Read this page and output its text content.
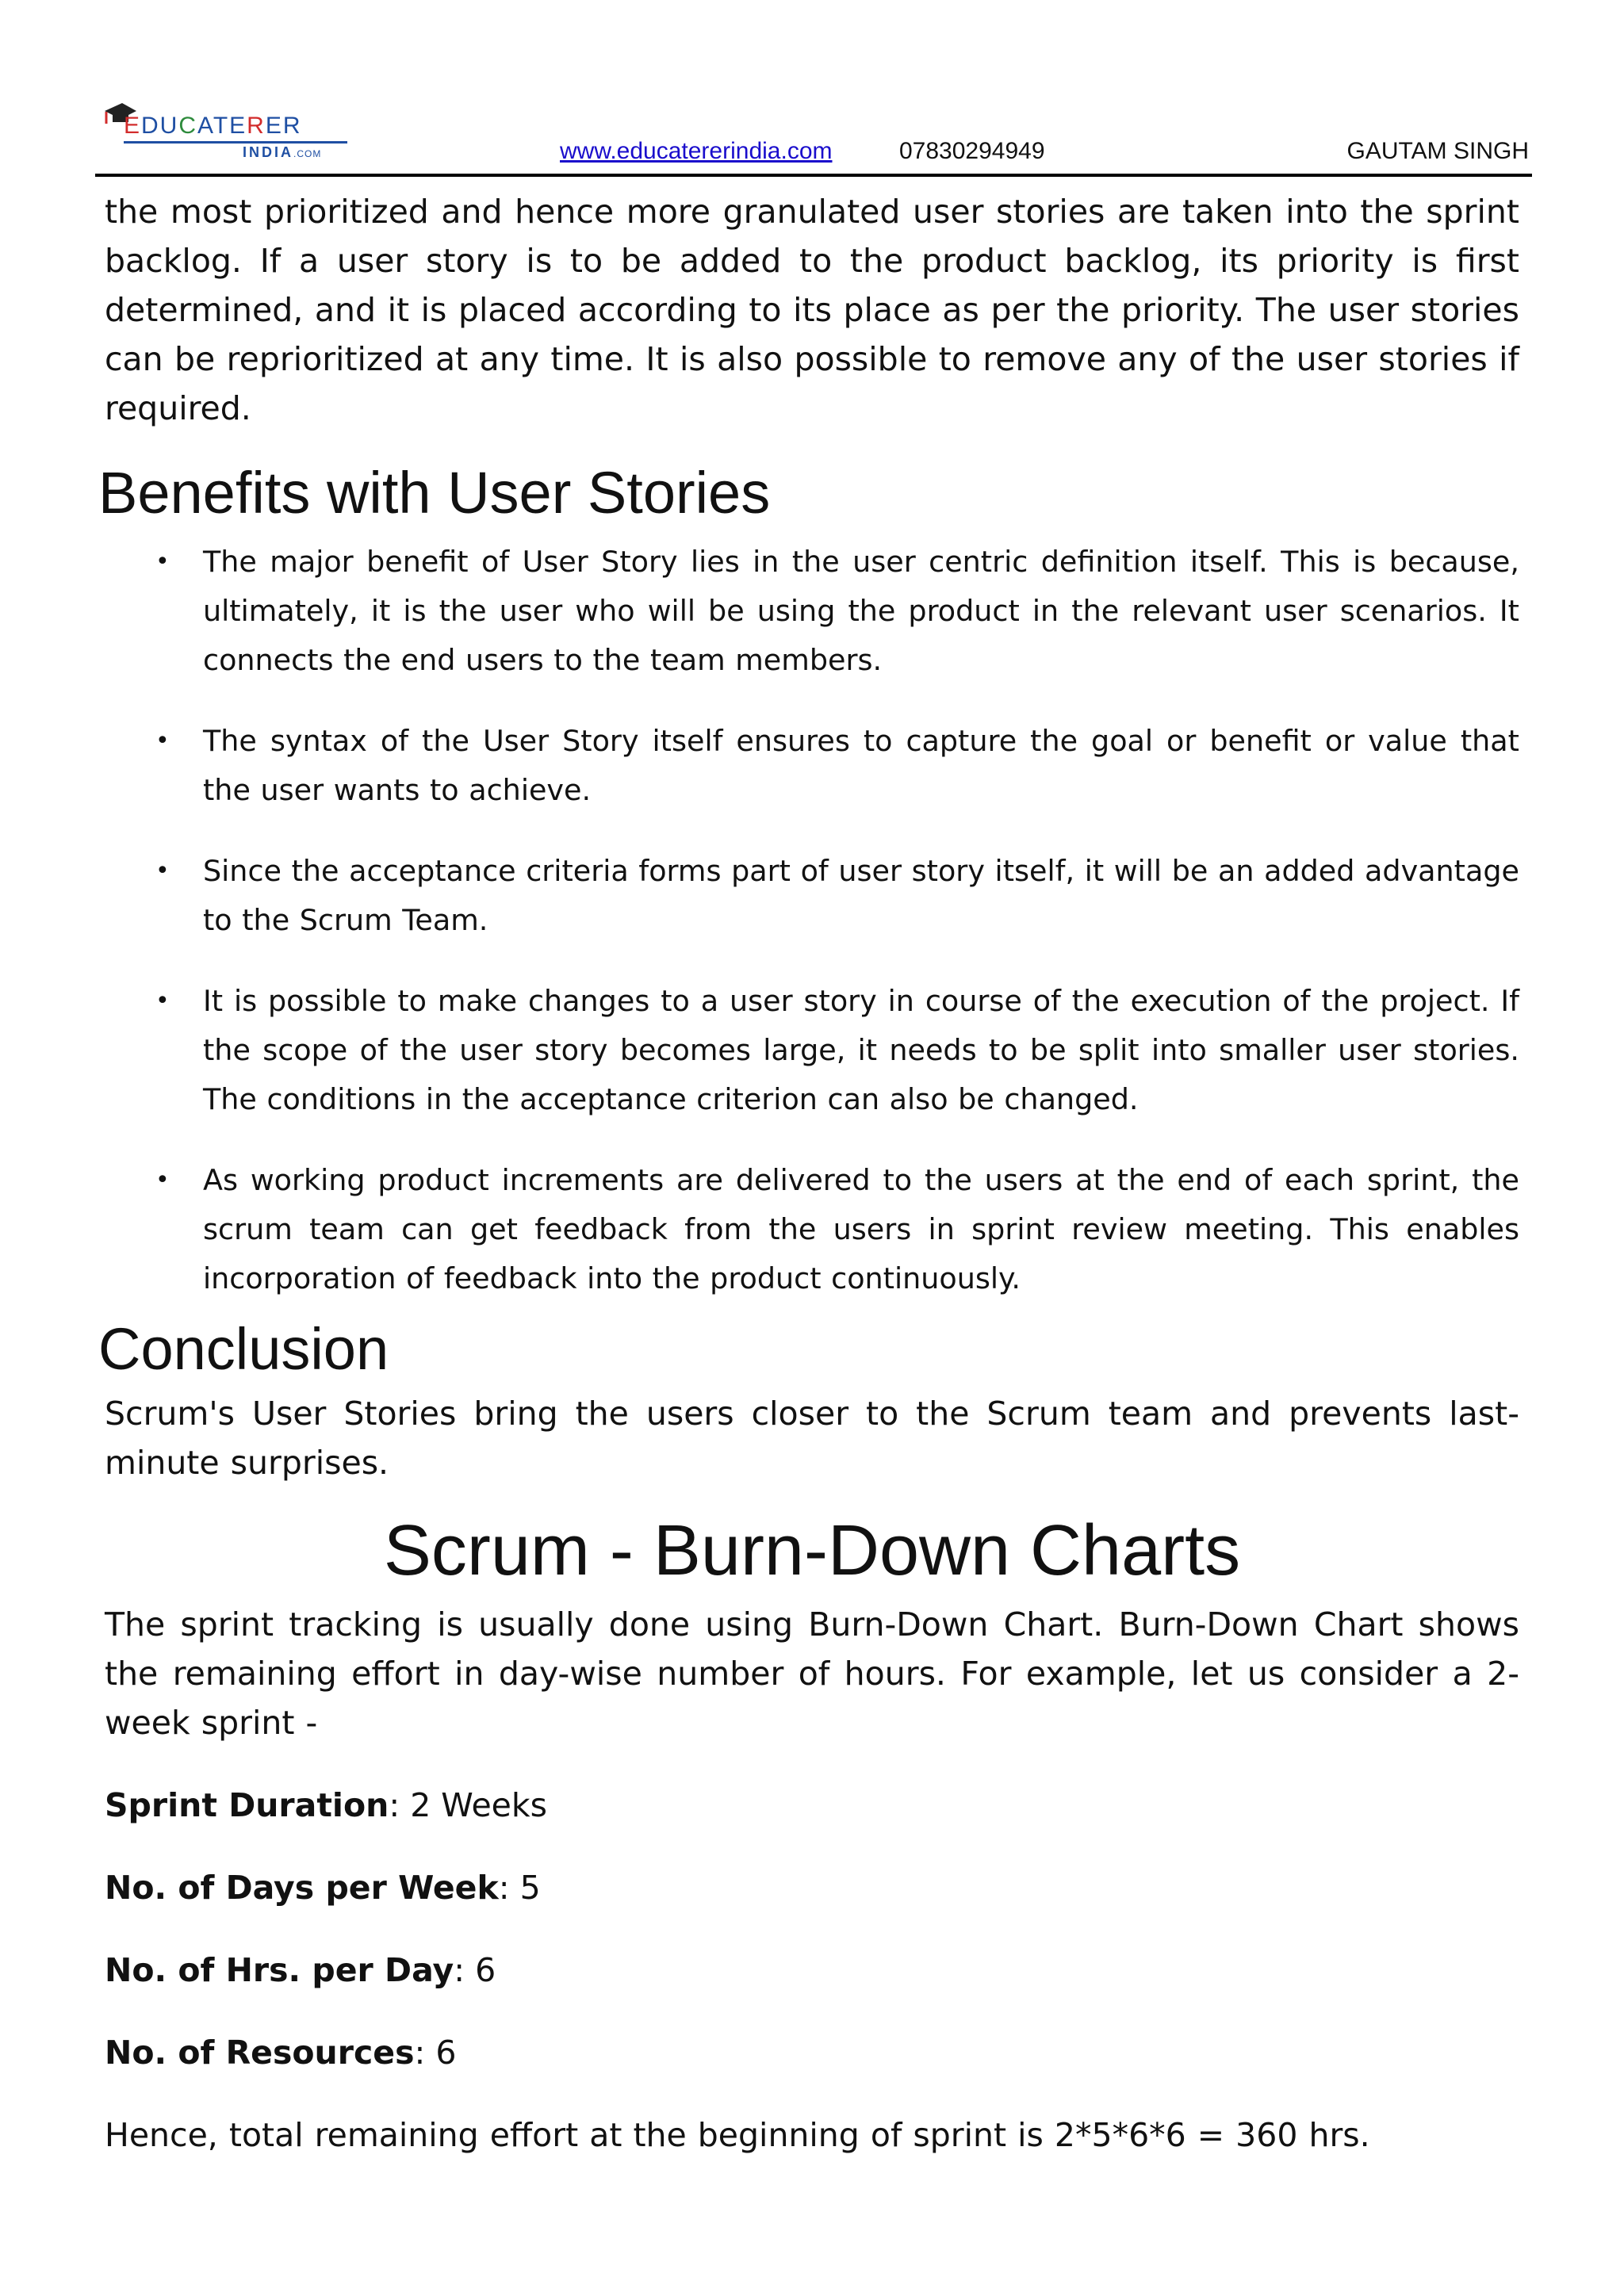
EDUCATERER
INDIA.COM	www.educatererindia.com	07830294949	GAUTAM SINGH

the most prioritized and hence more granulated user stories are taken into the sprint backlog. If a user story is to be added to the product backlog, its priority is first determined, and it is placed according to its place as per the priority. The user stories can be reprioritized at any time. It is also possible to remove any of the user stories if required.

Benefits with User Stories
• The major benefit of User Story lies in the user centric definition itself. This is because, ultimately, it is the user who will be using the product in the relevant user scenarios. It connects the end users to the team members.
• The syntax of the User Story itself ensures to capture the goal or benefit or value that the user wants to achieve.
• Since the acceptance criteria forms part of user story itself, it will be an added advantage to the Scrum Team.
• It is possible to make changes to a user story in course of the execution of the project. If the scope of the user story becomes large, it needs to be split into smaller user stories. The conditions in the acceptance criterion can also be changed.
• As working product increments are delivered to the users at the end of each sprint, the scrum team can get feedback from the users in sprint review meeting. This enables incorporation of feedback into the product continuously.
Conclusion

Scrum's User Stories bring the users closer to the Scrum team and prevents last-minute surprises.

Scrum - Burn-Down Charts

The sprint tracking is usually done using Burn-Down Chart. Burn-Down Chart shows the remaining effort in day-wise number of hours. For example, let us consider a 2-week sprint -

Sprint Duration: 2 Weeks

No. of Days per Week: 5

No. of Hrs. per Day: 6

No. of Resources: 6

Hence, total remaining effort at the beginning of sprint is 2*5*6*6 = 360 hrs.
